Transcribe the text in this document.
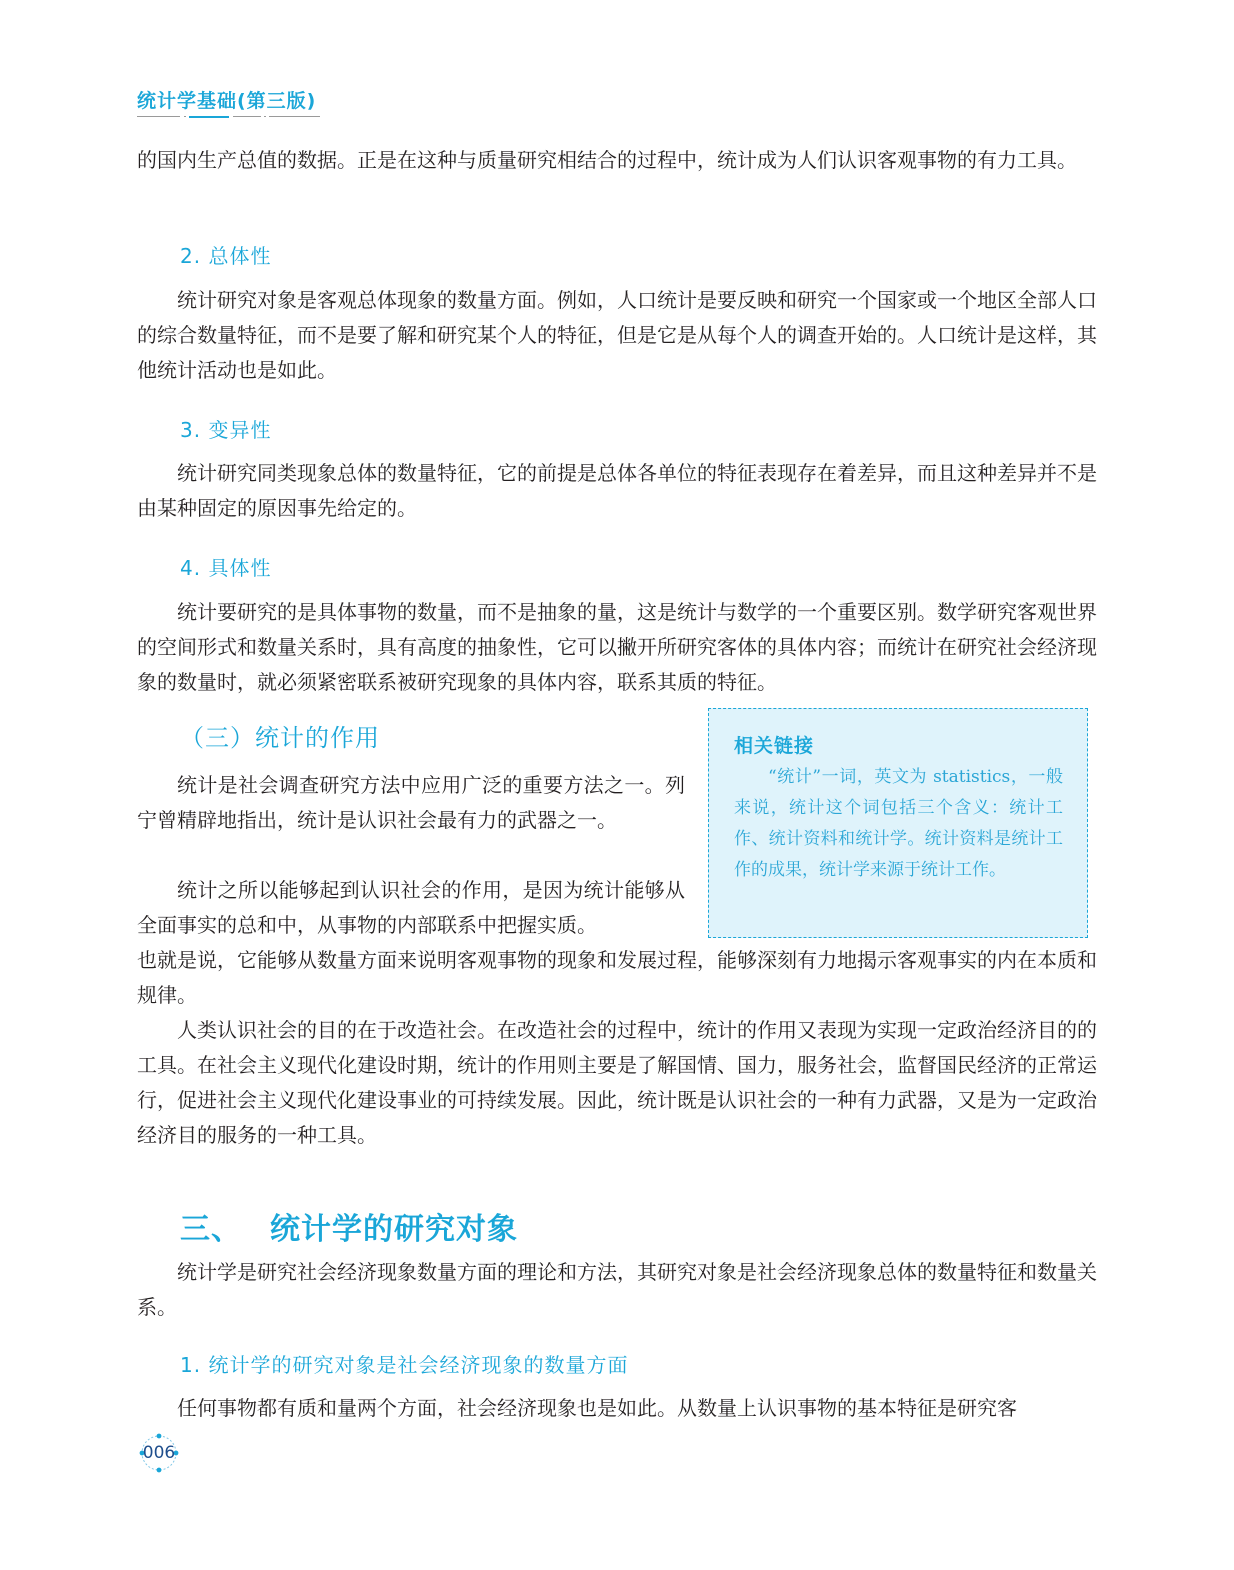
统计学基础(第三版)

的国内生产总值的数据。正是在这种与质量研究相结合的过程中，统计成为人们认识客观事物的有力工具。

2. 总体性

统计研究对象是客观总体现象的数量方面。例如，人口统计是要反映和研究一个国家或一个地区全部人口的综合数量特征，而不是要了解和研究某个人的特征，但是它是从每个人的调查开始的。人口统计是这样，其他统计活动也是如此。

3. 变异性

统计研究同类现象总体的数量特征，它的前提是总体各单位的特征表现存在着差异，而且这种差异并不是由某种固定的原因事先给定的。

4. 具体性

统计要研究的是具体事物的数量，而不是抽象的量，这是统计与数学的一个重要区别。数学研究客观世界的空间形式和数量关系时，具有高度的抽象性，它可以撇开所研究客体的具体内容；而统计在研究社会经济现象的数量时，就必须紧密联系被研究现象的具体内容，联系其质的特征。

（三）统计的作用

统计是社会调查研究方法中应用广泛的重要方法之一。列宁曾精辟地指出，统计是认识社会最有力的武器之一。

统计之所以能够起到认识社会的作用，是因为统计能够从全面事实的总和中，从事物的内部联系中把握实质。

也就是说，它能够从数量方面来说明客观事物的现象和发展过程，能够深刻有力地揭示客观事实的内在本质和规律。

人类认识社会的目的在于改造社会。在改造社会的过程中，统计的作用又表现为实现一定政治经济目的的工具。在社会主义现代化建设时期，统计的作用则主要是了解国情、国力，服务社会，监督国民经济的正常运行，促进社会主义现代化建设事业的可持续发展。因此，统计既是认识社会的一种有力武器，又是为一定政治经济目的服务的一种工具。

相关链接

“统计”一词，英文为 statistics，一般来说，统计这个词包括三个含义：统计工作、统计资料和统计学。统计资料是统计工作的成果，统计学来源于统计工作。

三、 统计学的研究对象

统计学是研究社会经济现象数量方面的理论和方法，其研究对象是社会经济现象总体的数量特征和数量关系。

1. 统计学的研究对象是社会经济现象的数量方面

任何事物都有质和量两个方面，社会经济现象也是如此。从数量上认识事物的基本特征是研究客

006
